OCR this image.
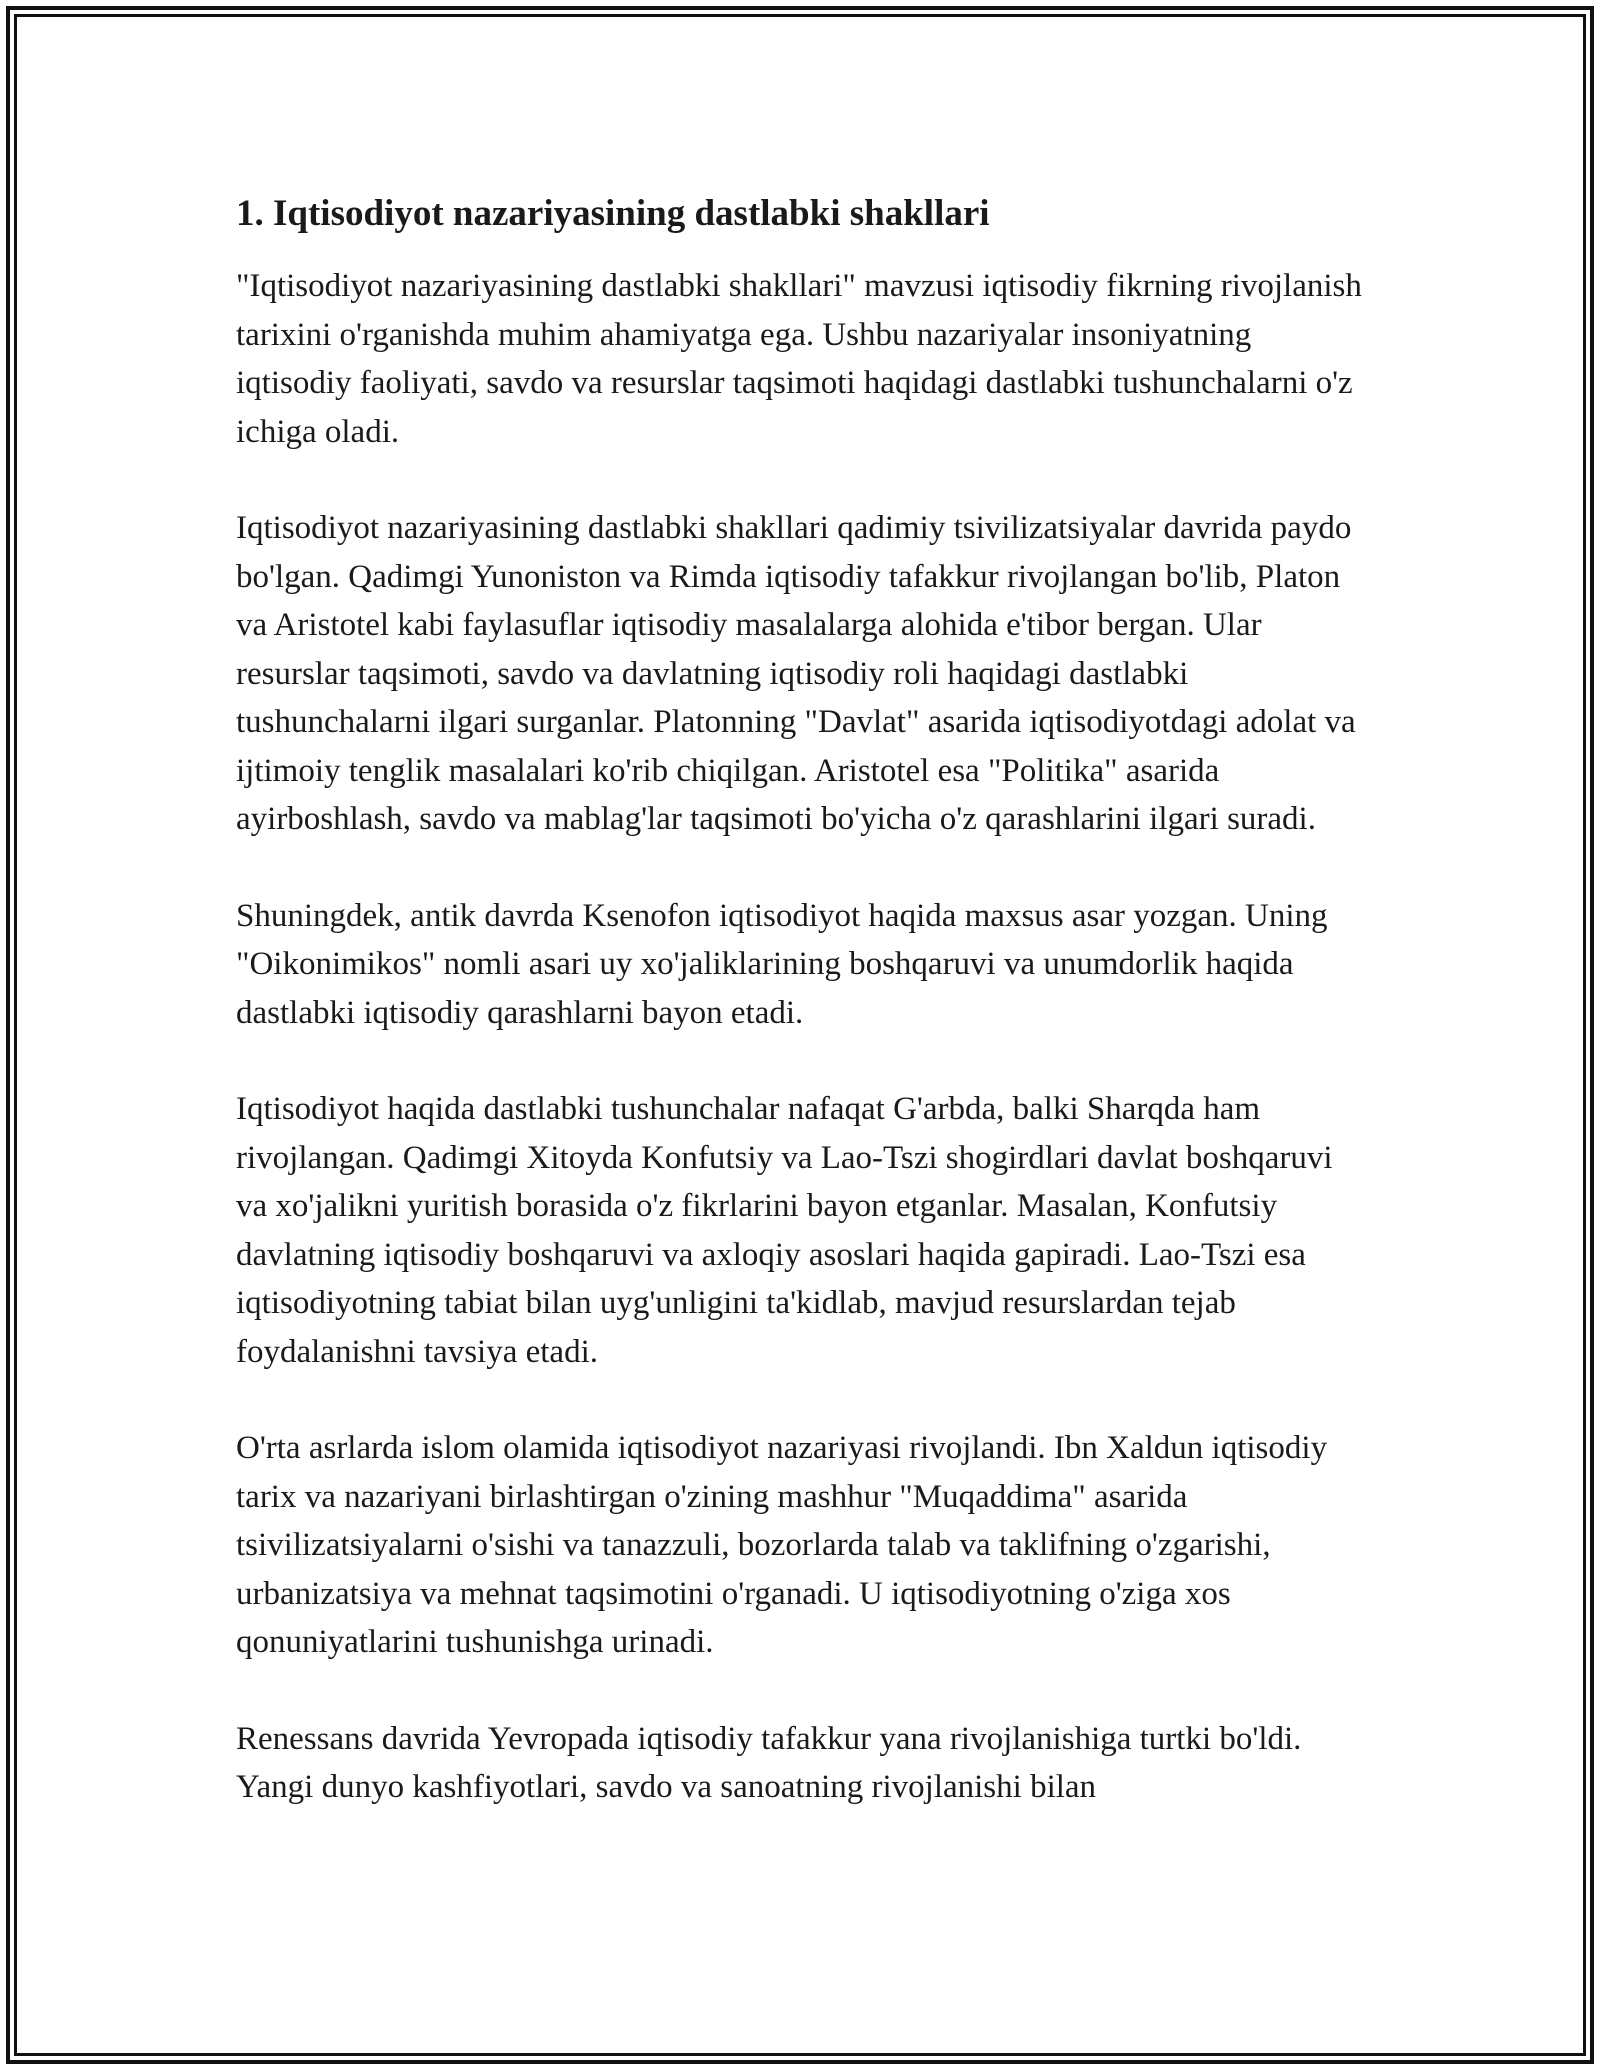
1. Iqtisodiyot nazariyasining dastlabki shakllari

"Iqtisodiyot nazariyasining dastlabki shakllari" mavzusi iqtisodiy fikrning rivojlanish tarixini o'rganishda muhim ahamiyatga ega. Ushbu nazariyalar insoniyatning iqtisodiy faoliyati, savdo va resurslar taqsimoti haqidagi dastlabki tushunchalarni o'z ichiga oladi.

Iqtisodiyot nazariyasining dastlabki shakllari qadimiy tsivilizatsiyalar davrida paydo bo'lgan. Qadimgi Yunoniston va Rimda iqtisodiy tafakkur rivojlangan bo'lib, Platon va Aristotel kabi faylasuflar iqtisodiy masalalarga alohida e'tibor bergan. Ular resurslar taqsimoti, savdo va davlatning iqtisodiy roli haqidagi dastlabki tushunchalarni ilgari surganlar. Platonning "Davlat" asarida iqtisodiyotdagi adolat va ijtimoiy tenglik masalalari ko'rib chiqilgan. Aristotel esa "Politika" asarida ayirboshlash, savdo va mablag'lar taqsimoti bo'yicha o'z qarashlarini ilgari suradi.

Shuningdek, antik davrda Ksenofon iqtisodiyot haqida maxsus asar yozgan. Uning "Oikonimikos" nomli asari uy xo'jaliklarining boshqaruvi va unumdorlik haqida dastlabki iqtisodiy qarashlarni bayon etadi.

Iqtisodiyot haqida dastlabki tushunchalar nafaqat G'arbda, balki Sharqda ham rivojlangan. Qadimgi Xitoyda Konfutsiy va Lao-Tszi shogirdlari davlat boshqaruvi va xo'jalikni yuritish borasida o'z fikrlarini bayon etganlar. Masalan, Konfutsiy davlatning iqtisodiy boshqaruvi va axloqiy asoslari haqida gapiradi. Lao-Tszi esa iqtisodiyotning tabiat bilan uyg'unligini ta'kidlab, mavjud resurslardan tejab foydalanishni tavsiya etadi.

O'rta asrlarda islom olamida iqtisodiyot nazariyasi rivojlandi. Ibn Xaldun iqtisodiy tarix va nazariyani birlashtirgan o'zining mashhur "Muqaddima" asarida tsivilizatsiyalarni o'sishi va tanazzuli, bozorlarda talab va taklifning o'zgarishi, urbanizatsiya va mehnat taqsimotini o'rganadi. U iqtisodiyotning o'ziga xos qonuniyatlarini tushunishga urinadi.

Renessans davrida Yevropada iqtisodiy tafakkur yana rivojlanishiga turtki bo'ldi. Yangi dunyo kashfiyotlari, savdo va sanoatning rivojlanishi bilan
